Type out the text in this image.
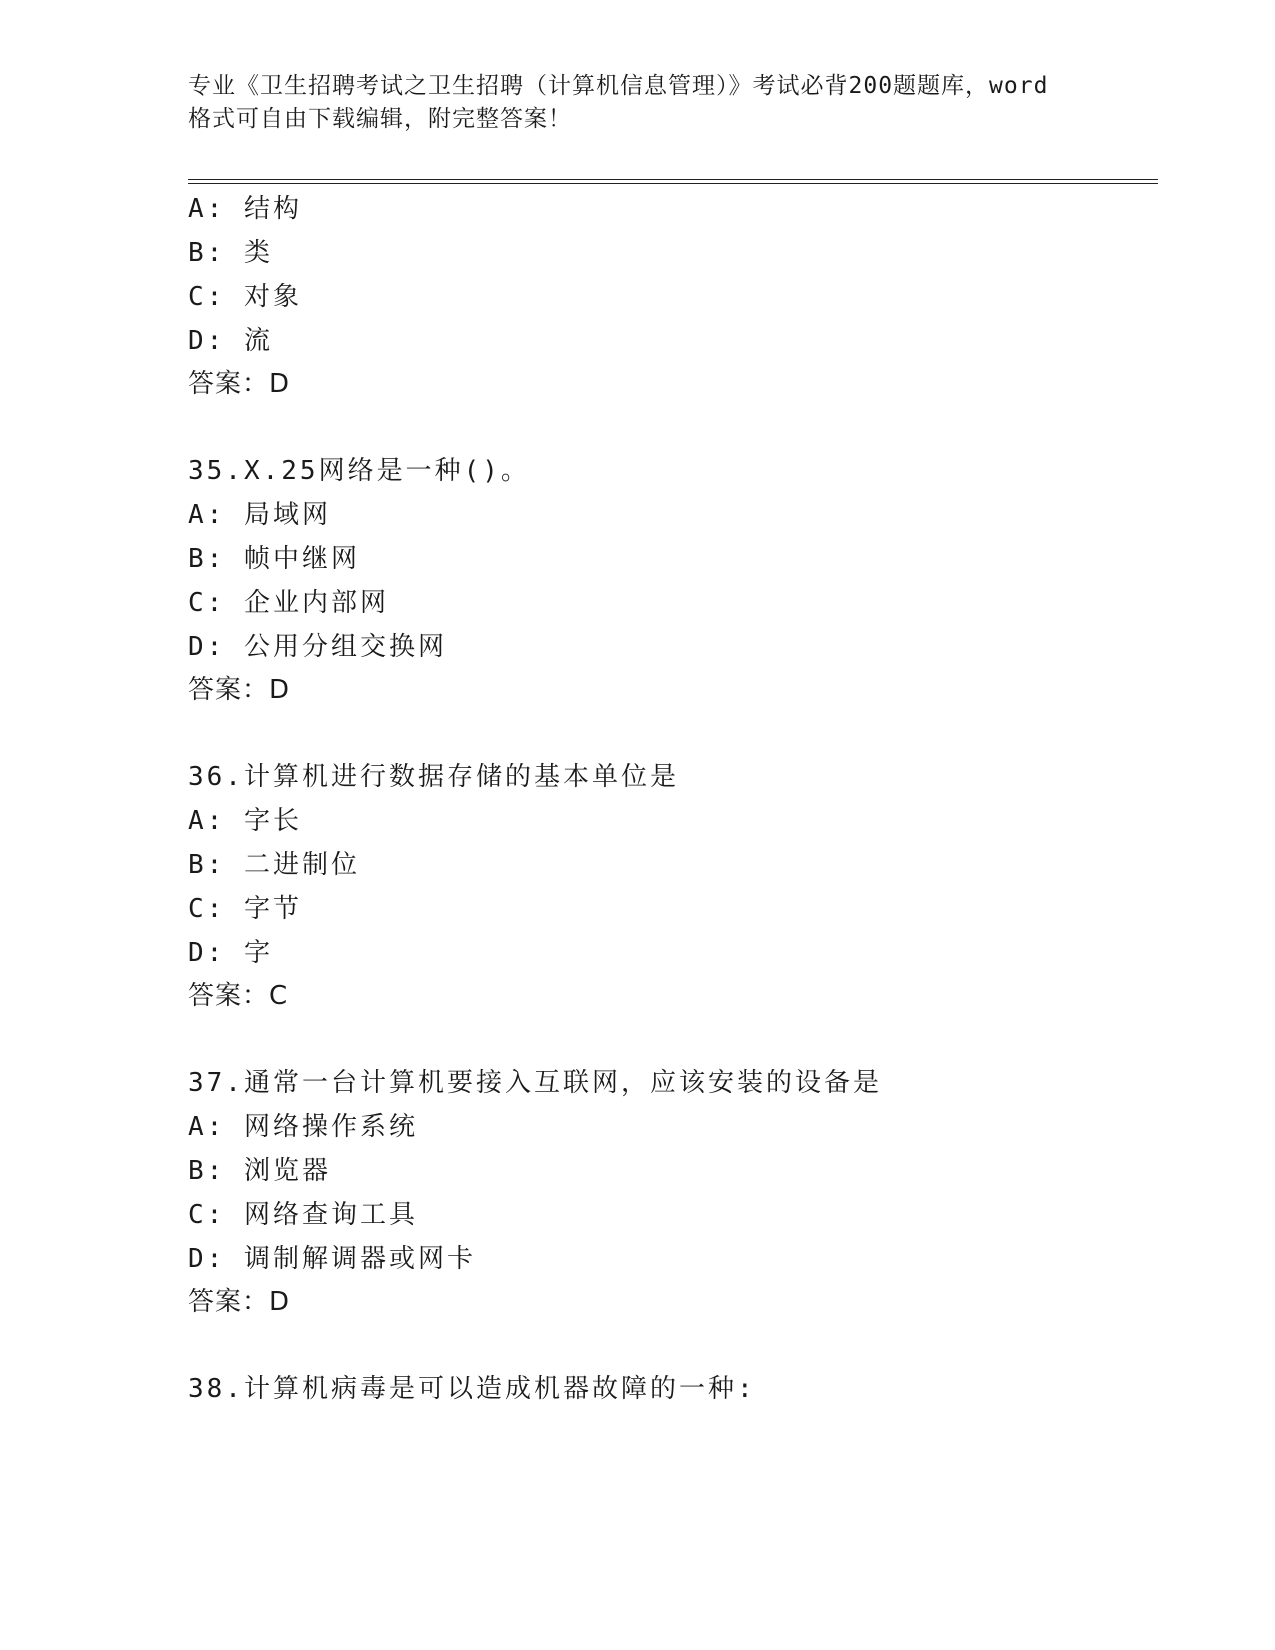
专业《卫生招聘考试之卫生招聘（计算机信息管理）》考试必背200题题库，word
格式可自由下载编辑，附完整答案！
A: 结构
B: 类
C: 对象
D: 流
答案：D
35.X.25网络是一种()。
A: 局域网
B: 帧中继网
C: 企业内部网
D: 公用分组交换网
答案：D
36.计算机进行数据存储的基本单位是
A: 字长
B: 二进制位
C: 字节
D: 字
答案：C
37.通常一台计算机要接入互联网，应该安装的设备是
A: 网络操作系统
B: 浏览器
C: 网络查询工具
D: 调制解调器或网卡
答案：D
38.计算机病毒是可以造成机器故障的一种:
